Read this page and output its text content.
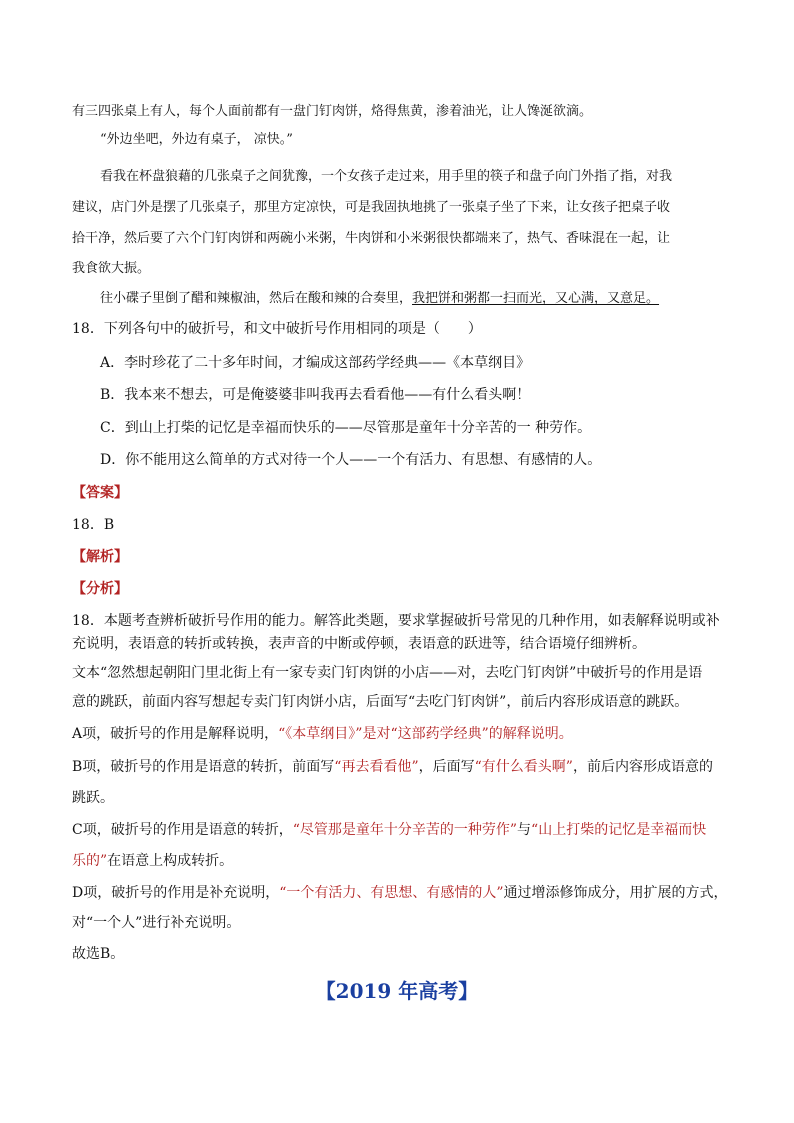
有三四张桌上有人，每个人面前都有一盘门钉肉饼，烙得焦黄，渗着油光，让人馋涎欲滴。
“外边坐吧，外边有桌子， 凉快。”
看我在杯盘狼藉的几张桌子之间犹豫，一个女孩子走过来，用手里的筷子和盘子向门外指了指，对我
建议，店门外是摆了几张桌子，那里方定凉快，可是我固执地挑了一张桌子坐了下来，让女孩子把桌子收
拾干净，然后要了六个门钉肉饼和两碗小米粥，牛肉饼和小米粥很快都端来了，热气、香味混在一起，让
我食欲大振。
往小碟子里倒了醋和辣椒油，然后在酸和辣的合奏里，我把饼和粥都一扫而光，又心满，又意足。
18．下列各句中的破折号，和文中破折号作用相同的项是（　　）
A．李时珍花了二十多年时间，才编成这部药学经典——《本草纲目》
B．我本来不想去，可是俺婆婆非叫我再去看看他——有什么看头啊！
C．到山上打柴的记忆是幸福而快乐的——尽管那是童年十分辛苦的一 种劳作。
D．你不能用这么简单的方式对待一个人——一个有活力、有思想、有感情的人。
【答案】
18．B
【解析】
【分析】
18．本题考查辨析破折号作用的能力。解答此类题，要求掌握破折号常见的几种作用，如表解释说明或补
充说明，表语意的转折或转换，表声音的中断或停顿，表语意的跃进等，结合语境仔细辨析。
文本“忽然想起朝阳门里北街上有一家专卖门钉肉饼的小店——对，去吃门钉肉饼”中破折号的作用是语
意的跳跃，前面内容写想起专卖门钉肉饼小店，后面写“去吃门钉肉饼”，前后内容形成语意的跳跃。
A项，破折号的作用是解释说明，“《本草纲目》”是对“这部药学经典”的解释说明。
B项，破折号的作用是语意的转折，前面写“再去看看他”，后面写“有什么看头啊”，前后内容形成语意的
跳跃。
C项，破折号的作用是语意的转折，“尽管那是童年十分辛苦的一种劳作”与“山上打柴的记忆是幸福而快
乐的”在语意上构成转折。
D项，破折号的作用是补充说明，“一个有活力、有思想、有感情的人”通过增添修饰成分，用扩展的方式，
对“一个人”进行补充说明。
故选B。
【2019 年高考】
